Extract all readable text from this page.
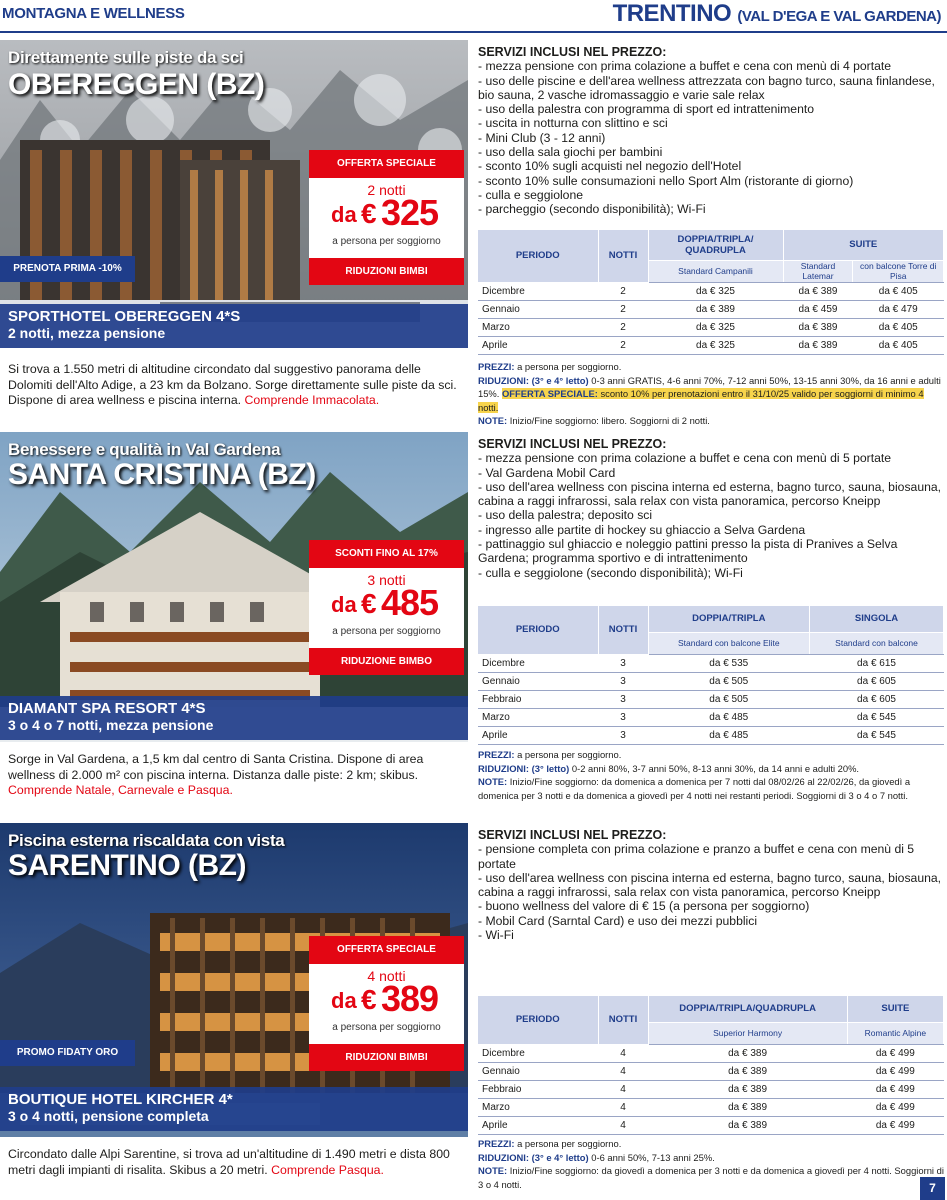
MONTAGNA E WELLNESS	TRENTINO (VAL D'EGA E VAL GARDENA)
Direttamente sulle piste da sci
OBEREGGEN (BZ)
OFFERTA SPECIALE
2 notti
da € 325
a persona per soggiorno
RIDUZIONI BIMBI
PRENOTA PRIMA -10%
SPORTHOTEL OBEREGGEN 4*S
2 notti, mezza pensione
Si trova a 1.550 metri di altitudine circondato dal suggestivo panorama delle Dolomiti dell'Alto Adige, a 23 km da Bolzano. Sorge direttamente sulle piste da sci. Dispone di area wellness e piscina interna. Comprende Immacolata.
SERVIZI INCLUSI NEL PREZZO:
- mezza pensione con prima colazione a buffet e cena con menù di 4 portate
- uso delle piscine e dell'area wellness attrezzata con bagno turco, sauna finlandese, bio sauna, 2 vasche idromassaggio e varie sale relax
- uso della palestra con programma di sport ed intrattenimento
- uscita in notturna con slittino e sci
- Mini Club (3 - 12 anni)
- uso della sala giochi per bambini
- sconto 10% sugli acquisti nel negozio dell'Hotel
- sconto 10% sulle consumazioni nello Sport Alm (ristorante di giorno)
- culla e seggiolone
- parcheggio (secondo disponibilità); Wi-Fi
PERIODO	NOTTI	DOPPIA/TRIPLA/ QUADRUPLA	SUITE	
		Standard Campanili	Standard Latemar	con balcone Torre di Pisa
Dicembre	2	da € 325	da € 389	da € 405
Gennaio	2	da € 389	da € 459	da € 479
Marzo	2	da € 325	da € 389	da € 405
Aprile	2	da € 325	da € 389	da € 405
PREZZI: a persona per soggiorno.
RIDUZIONI: (3° e 4° letto) 0-3 anni GRATIS, 4-6 anni 70%, 7-12 anni 50%, 13-15 anni 30%, da 16 anni e adulti 15%. OFFERTA SPECIALE: sconto 10% per prenotazioni entro il 31/10/25 valido per soggiorni di minimo 4 notti.
NOTE: Inizio/Fine soggiorno: libero. Soggiorni di 2 notti.
Benessere e qualità in Val Gardena
SANTA CRISTINA (BZ)
SCONTI FINO AL 17%
3 notti
da € 485
a persona per soggiorno
RIDUZIONE BIMBO
DIAMANT SPA RESORT 4*S
3 o 4 o 7 notti, mezza pensione
Sorge in Val Gardena, a 1,5 km dal centro di Santa Cristina. Dispone di area wellness di 2.000 m² con piscina interna. Distanza dalle piste: 2 km; skibus. Comprende Natale, Carnevale e Pasqua.
SERVIZI INCLUSI NEL PREZZO:
- mezza pensione con prima colazione a buffet e cena con menù di 5 portate
- Val Gardena Mobil Card
- uso dell'area wellness con piscina interna ed esterna, bagno turco, sauna, biosauna, cabina a raggi infrarossi, sala relax con vista panoramica, percorso Kneipp
- uso della palestra; deposito sci
- ingresso alle partite di hockey su ghiaccio a Selva Gardena
- pattinaggio sul ghiaccio e noleggio pattini presso la pista di Pranives a Selva Gardena; programma sportivo e di intrattenimento
- culla e seggiolone (secondo disponibilità); Wi-Fi
PERIODO	NOTTI	DOPPIA/TRIPLA	SINGOLA
		Standard con balcone Elite	Standard con balcone
Dicembre	3	da € 535	da € 615
Gennaio	3	da € 505	da € 605
Febbraio	3	da € 505	da € 605
Marzo	3	da € 485	da € 545
Aprile	3	da € 485	da € 545
PREZZI: a persona per soggiorno.
RIDUZIONI: (3° letto) 0-2 anni 80%, 3-7 anni 50%, 8-13 anni 30%, da 14 anni e adulti 20%.
NOTE: Inizio/Fine soggiorno: da domenica a domenica per 7 notti dal 08/02/26 al 22/02/26, da giovedì a domenica per 3 notti e da domenica a giovedì per 4 notti nei restanti periodi. Soggiorni di 3 o 4 o 7 notti.
Piscina esterna riscaldata con vista
SARENTINO (BZ)
OFFERTA SPECIALE
4 notti
da € 389
a persona per soggiorno
RIDUZIONI BIMBI
PROMO FIDATY ORO
BOUTIQUE HOTEL KIRCHER 4*
3 o 4 notti, pensione completa
Circondato dalle Alpi Sarentine, si trova ad un'altitudine di 1.490 metri e dista 800 metri dagli impianti di risalita. Skibus a 20 metri. Comprende Pasqua.
SERVIZI INCLUSI NEL PREZZO:
- pensione completa con prima colazione e pranzo a buffet e cena con menù di 5 portate
- uso dell'area wellness con piscina interna ed esterna, bagno turco, sauna, biosauna, cabina a raggi infrarossi, sala relax con vista panoramica, percorso Kneipp
- buono wellness del valore di € 15 (a persona per soggiorno)
- Mobil Card (Sarntal Card) e uso dei mezzi pubblici
- Wi-Fi
PERIODO	NOTTI	DOPPIA/TRIPLA/QUADRUPLA	SUITE
		Superior Harmony	Romantic Alpine
Dicembre	4	da € 389	da € 499
Gennaio	4	da € 389	da € 499
Febbraio	4	da € 389	da € 499
Marzo	4	da € 389	da € 499
Aprile	4	da € 389	da € 499
PREZZI: a persona per soggiorno.
RIDUZIONI: (3° e 4° letto) 0-6 anni 50%, 7-13 anni 25%.
NOTE: Inizio/Fine soggiorno: da giovedì a domenica per 3 notti e da domenica a giovedì per 4 notti. Soggiorni di 3 o 4 notti.	7
